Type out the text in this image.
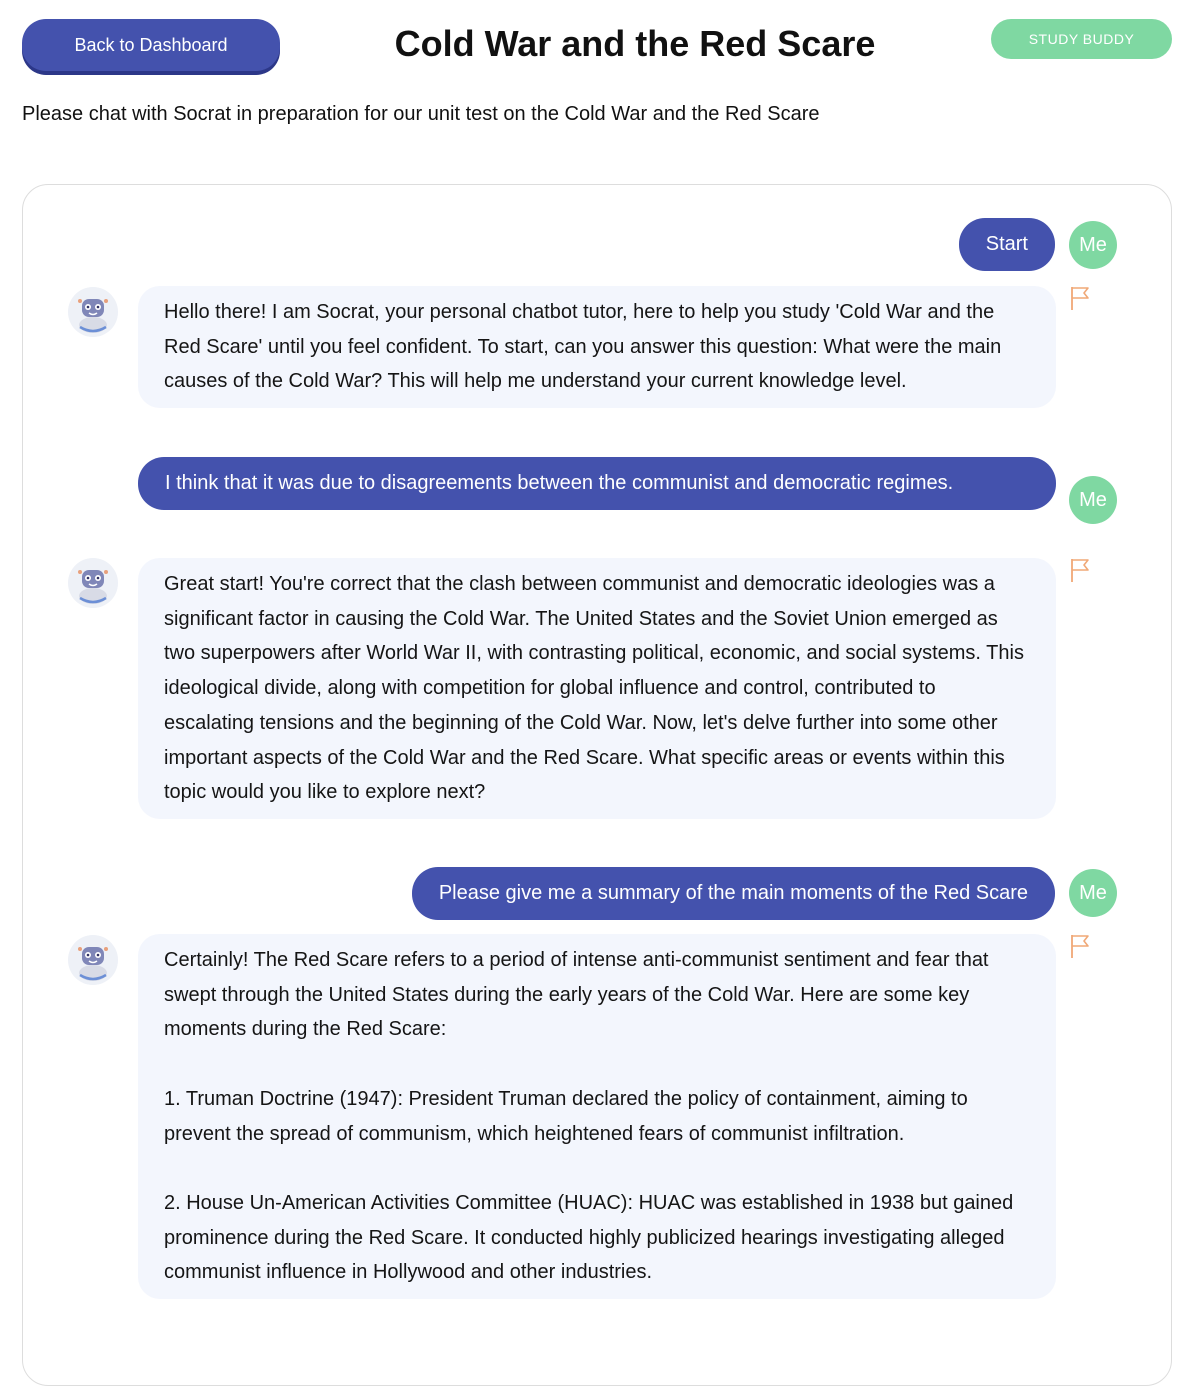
Back to Dashboard	Cold War and the Red Scare	STUDY BUDDY

Please chat with Socrat in preparation for our unit test on the Cold War and the Red Scare

Start	Me
Hello there! I am Socrat, your personal chatbot tutor, here to help you study 'Cold War and the Red Scare' until you feel confident. To start, can you answer this question: What were the main causes of the Cold War? This will help me understand your current knowledge level.
I think that it was due to disagreements between the communist and democratic regimes.
Me
Great start! You're correct that the clash between communist and democratic ideologies was a significant factor in causing the Cold War. The United States and the Soviet Union emerged as two superpowers after World War II, with contrasting political, economic, and social systems. This ideological divide, along with competition for global influence and control, contributed to escalating tensions and the beginning of the Cold War. Now, let's delve further into some other important aspects of the Cold War and the Red Scare. What specific areas or events within this topic would you like to explore next?
Please give me a summary of the main moments of the Red Scare	Me
Certainly! The Red Scare refers to a period of intense anti-communist sentiment and fear that swept through the United States during the early years of the Cold War. Here are some key moments during the Red Scare:

1. Truman Doctrine (1947): President Truman declared the policy of containment, aiming to prevent the spread of communism, which heightened fears of communist infiltration.

2. House Un-American Activities Committee (HUAC): HUAC was established in 1938 but gained prominence during the Red Scare. It conducted highly publicized hearings investigating alleged communist influence in Hollywood and other industries.
